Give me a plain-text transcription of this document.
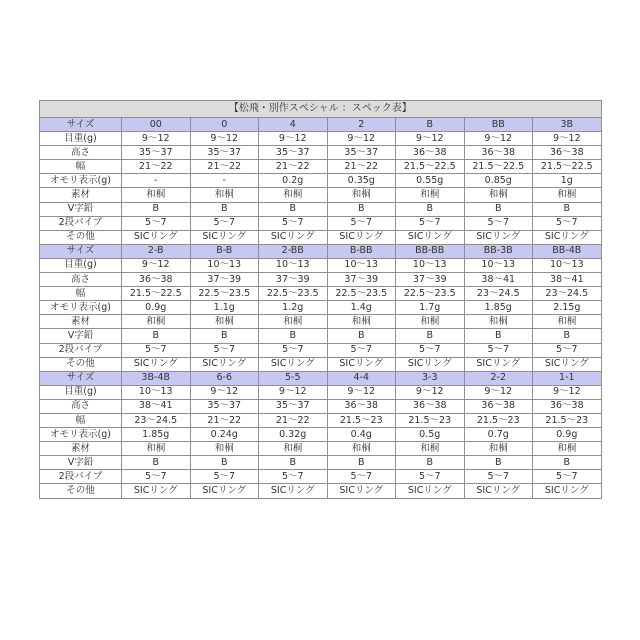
【松飛・別作スペシャル ：スペック表】							
サイズ	00	0	4	2	B	BB	3B
目重(g)	9～12	9～12	9～12	9～12	9～12	9～12	9～12
高さ	35～37	35～37	35～37	35～37	36～38	36～38	36～38
幅	21～22	21～22	21～22	21～22	21.5～22.5	21.5～22.5	21.5～22.5
オモリ表示(g)	-	-	0.2g	0.35g	0.55g	0.85g	1g
素材	和桐	和桐	和桐	和桐	和桐	和桐	和桐
V字鉛	B	B	B	B	B	B	B
2段パイプ	5～7	5～7	5～7	5～7	5～7	5～7	5～7
その他	SICリング	SICリング	SICリング	SICリング	SICリング	SICリング	SICリング
サイズ	2-B	B-B	2-BB	B-BB	BB-BB	BB-3B	BB-4B
目重(g)	9～12	10～13	10～13	10～13	10～13	10～13	10～13
高さ	36～38	37～39	37～39	37～39	37～39	38～41	38～41
幅	21.5～22.5	22.5～23.5	22.5～23.5	22.5～23.5	22.5～23.5	23～24.5	23～24.5
オモリ表示(g)	0.9g	1.1g	1.2g	1.4g	1.7g	1.85g	2.15g
素材	和桐	和桐	和桐	和桐	和桐	和桐	和桐
V字鉛	B	B	B	B	B	B	B
2段パイプ	5～7	5～7	5～7	5～7	5～7	5～7	5～7
その他	SICリング	SICリング	SICリング	SICリング	SICリング	SICリング	SICリング
サイズ	3B-4B	6-6	5-5	4-4	3-3	2-2	1-1
目重(g)	10～13	9～12	9～12	9～12	9～12	9～12	9～12
高さ	38～41	35～37	35～37	36～38	36～38	36～38	36～38
幅	23～24.5	21～22	21～22	21.5～23	21.5～23	21.5～23	21.5～23
オモリ表示(g)	1.85g	0.24g	0.32g	0.4g	0.5g	0.7g	0.9g
素材	和桐	和桐	和桐	和桐	和桐	和桐	和桐
V字鉛	B	B	B	B	B	B	B
2段パイプ	5～7	5～7	5～7	5～7	5～7	5～7	5～7
その他	SICリング	SICリング	SICリング	SICリング	SICリング	SICリング	SICリング
